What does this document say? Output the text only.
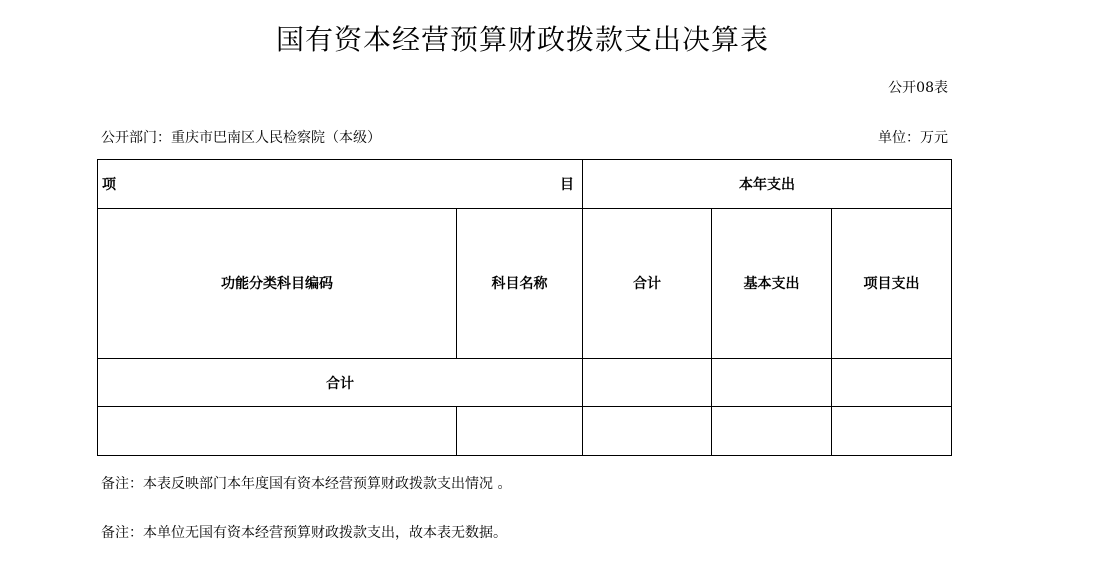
国有资本经营预算财政拨款支出决算表
公开08表
公开部门：重庆市巴南区人民检察院（本级）	单位：万元
项 目		本年支出		
功能分类科目编码	科目名称	合计	基本支出	项目支出
合计				

备注：本表反映部门本年度国有资本经营预算财政拨款支出情况 。
备注：本单位无国有资本经营预算财政拨款支出，故本表无数据。
